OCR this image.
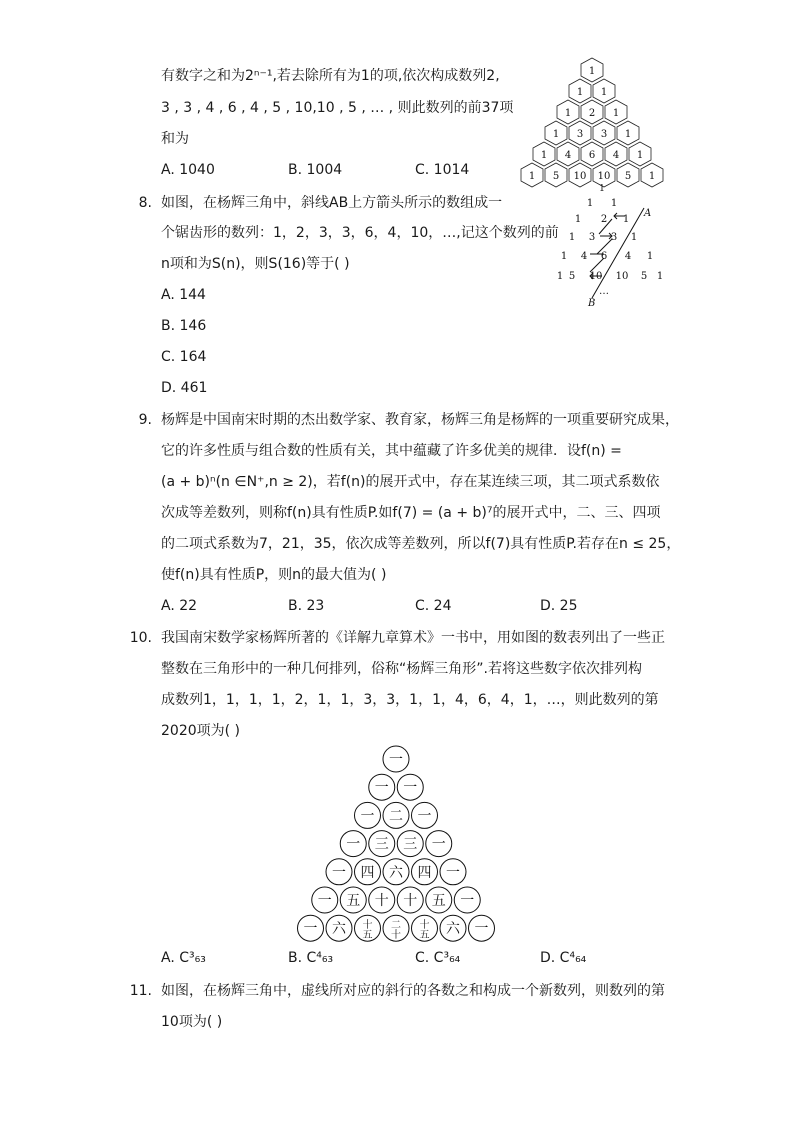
有数字之和为2ⁿ⁻¹,若去除所有为1的项,依次构成数列2,
3 , 3 , 4 , 6 , 4 , 5 , 10,10 , 5 , … , 则此数列的前37项
和为
A. 1040	B. 1004	C. 1014
1
1 1
1 2 1
1 3 3 1
1 4 6 4 1
1 5 10 10 5 1
1
8. 如图，在杨辉三角中，斜线AB上方箭头所示的数组成一
个锯齿形的数列：1，2，3，3，6，4，10，…,记这个数列的前
n项和为S(n)，则S(16)等于( )
A. 144
B. 146
C. 164
D. 461
1 1
1 2 1
1 3 3 1
1 4 6 4 1
1 5 10 10 5 1
A
B
…
9. 杨辉是中国南宋时期的杰出数学家、教育家，杨辉三角是杨辉的一项重要研究成果，
它的许多性质与组合数的性质有关，其中蕴藏了许多优美的规律．设f(n) =
(a + b)ⁿ(n ∈N⁺,n ≥ 2)，若f(n)的展开式中，存在某连续三项，其二项式系数依
次成等差数列，则称f(n)具有性质P.如f(7) = (a + b)⁷的展开式中，二、三、四项
的二项式系数为7，21，35，依次成等差数列，所以f(7)具有性质P.若存在n ≤ 25，
使f(n)具有性质P，则n的最大值为( )
A. 22	B. 23	C. 24	D. 25
10. 我国南宋数学家杨辉所著的《详解九章算术》一书中，用如图的数表列出了一些正
整数在三角形中的一种几何排列，俗称“杨辉三角形”.若将这些数字依次排列构
成数列1，1，1，1，2，1，1，3，3，1，1，4，6，4，1，…，则此数列的第
2020项为( )
一
一 一
一 二 一
一 三 三 一
一 四 六 四 一
一 五 十 十 五 一
一 六 十五
二十
十五 六 一
A. C³₆₃	B. C⁴₆₃	C. C³₆₄	D. C⁴₆₄
11. 如图，在杨辉三角中，虚线所对应的斜行的各数之和构成一个新数列，则数列的第
10项为( )
